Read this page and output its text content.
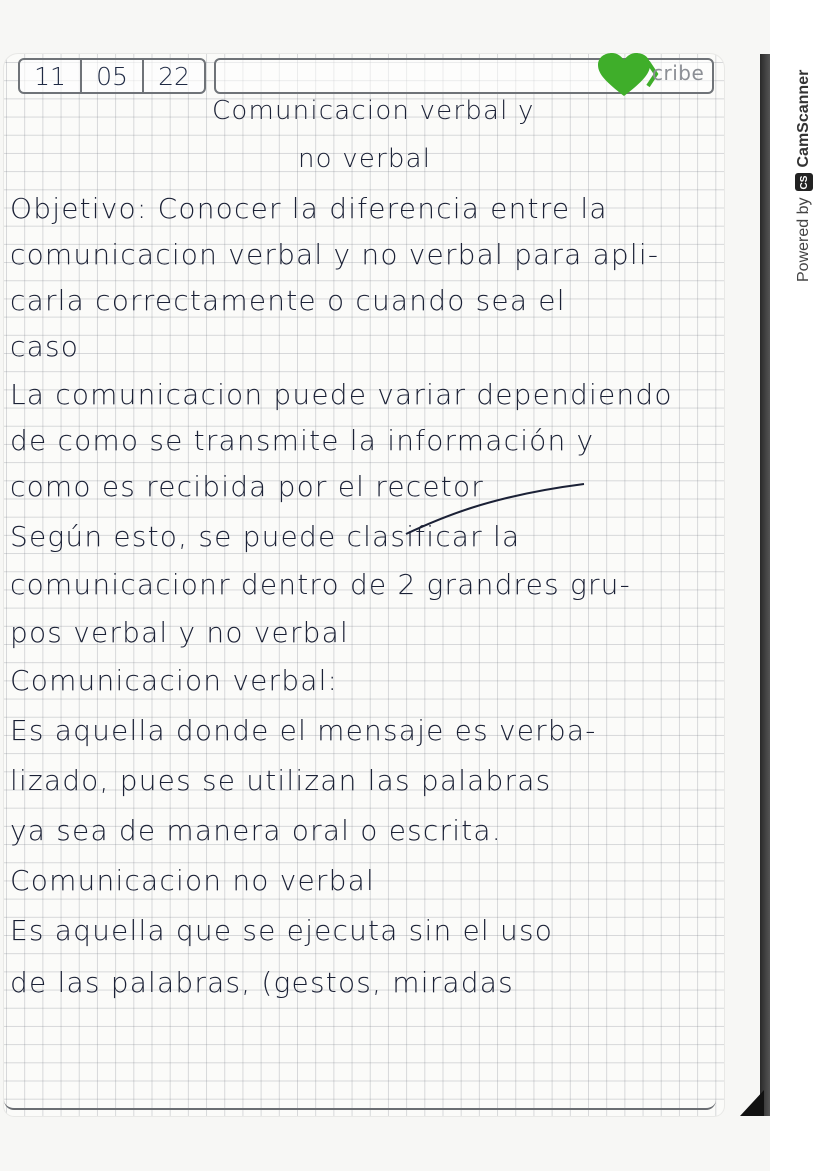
11	05	22	cribe
Comunicacion verbal y
no verbal
Objetivo: Conocer la diferencia entre la
comunicacion verbal y no verbal para apli-
carla correctamente o cuando sea el
caso
La comunicacion puede variar dependiendo
de como se transmite la información y
como es recibida por el recetor
Según esto, se puede clasificar la
comunicacionr dentro de 2 grandres gru-
pos verbal y no verbal
Comunicacion verbal:
Es aquella donde el mensaje es verba-
lizado, pues se utilizan las palabras
ya sea de manera oral o escrita.
Comunicacion no verbal
Es aquella que se ejecuta sin el uso
de las palabras, (gestos, miradas
Powered by
CS
CamScanner
